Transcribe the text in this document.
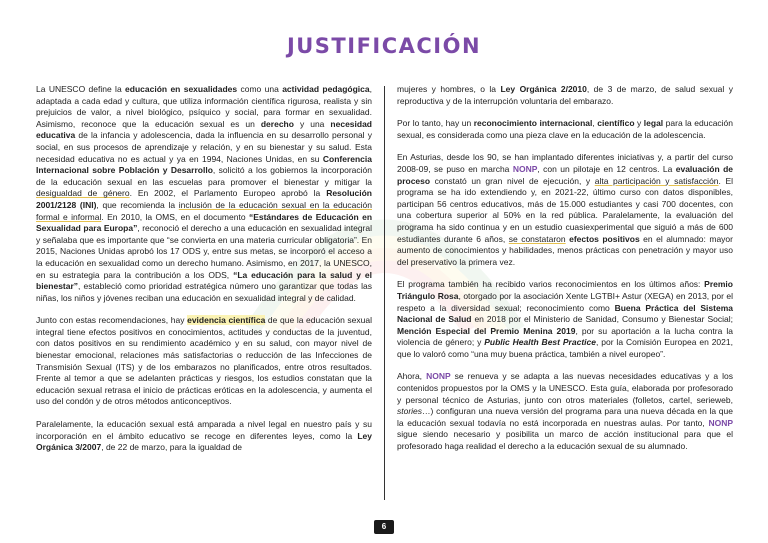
JUSTIFICACIÓN

La UNESCO define la educación en sexualidades como una actividad pedagógica, adaptada a cada edad y cultura, que utiliza información científica rigurosa, realista y sin prejuicios de valor, a nivel biológico, psíquico y social, para formar en sexualidad. Asimismo, reconoce que la educación sexual es un derecho y una necesidad educativa de la infancia y adolescencia, dada la influencia en su desarrollo personal y social, en sus procesos de aprendizaje y relación, y en su bienestar y su salud. Esta necesidad educativa no es actual y ya en 1994, Naciones Unidas, en su Conferencia Internacional sobre Población y Desarrollo, solicitó a los gobiernos la incorporación de la educación sexual en las escuelas para promover el bienestar y mitigar la desigualdad de género. En 2002, el Parlamento Europeo aprobó la Resolución 2001/2128 (INI), que recomienda la inclusión de la educación sexual en la educación formal e informal. En 2010, la OMS, en el documento “Estándares de Educación en Sexualidad para Europa”, reconoció el derecho a una educación en sexualidad integral y señalaba que es importante que “se convierta en una materia curricular obligatoria”. En 2015, Naciones Unidas aprobó los 17 ODS y, entre sus metas, se incorporó el acceso a la educación en sexualidad como un derecho humano. Asimismo, en 2017, la UNESCO, en su estrategia para la contribución a los ODS, “La educación para la salud y el bienestar”, estableció como prioridad estratégica número uno garantizar que todas las niñas, los niños y jóvenes reciban una educación en sexualidad integral y de calidad.

Junto con estas recomendaciones, hay evidencia científica de que la educación sexual integral tiene efectos positivos en conocimientos, actitudes y conductas de la juventud, con datos positivos en su rendimiento académico y en su salud, con mayor nivel de bienestar emocional, relaciones más satisfactorias o reducción de las Infecciones de Transmisión Sexual (ITS) y de los embarazos no planificados, entre otros resultados. Frente al temor a que se adelanten prácticas y riesgos, los estudios constatan que la educación sexual retrasa el inicio de prácticas eróticas en la adolescencia, y aumenta el uso del condón y de otros métodos anticonceptivos.

Paralelamente, la educación sexual está amparada a nivel legal en nuestro país y su incorporación en el ámbito educativo se recoge en diferentes leyes, como la Ley Orgánica 3/2007, de 22 de marzo, para la igualdad de

mujeres y hombres, o la Ley Orgánica 2/2010, de 3 de marzo, de salud sexual y reproductiva y de la interrupción voluntaria del embarazo.

Por lo tanto, hay un reconocimiento internacional, científico y legal para la educación sexual, es considerada como una pieza clave en la educación de la adolescencia.

En Asturias, desde los 90, se han implantado diferentes iniciativas y, a partir del curso 2008-09, se puso en marcha NONP, con un pilotaje en 12 centros. La evaluación de proceso constató un gran nivel de ejecución, y alta participación y satisfacción. El programa se ha ido extendiendo y, en 2021-22, último curso con datos disponibles, participan 56 centros educativos, más de 15.000 estudiantes y casi 700 docentes, con una cobertura superior al 50% en la red pública. Paralelamente, la evaluación del programa ha sido continua y en un estudio cuasiexperimental que siguió a más de 600 estudiantes durante 6 años, se constataron efectos positivos en el alumnado: mayor aumento de conocimientos y habilidades, menos prácticas con penetración y mayor uso del preservativo la primera vez.

El programa también ha recibido varios reconocimientos en los últimos años: Premio Triángulo Rosa, otorgado por la asociación Xente LGTBI+ Astur (XEGA) en 2013, por el respeto a la diversidad sexual; reconocimiento como Buena Práctica del Sistema Nacional de Salud en 2018 por el Ministerio de Sanidad, Consumo y Bienestar Social; Mención Especial del Premio Menina 2019, por su aportación a la lucha contra la violencia de género; y Public Health Best Practice, por la Comisión Europea en 2021, que lo valoró como “una muy buena práctica, también a nivel europeo”.

Ahora, NONP se renueva y se adapta a las nuevas necesidades educativas y a los contenidos propuestos por la OMS y la UNESCO. Esta guía, elaborada por profesorado y personal técnico de Asturias, junto con otros materiales (folletos, cartel, serieweb, stories…) configuran una nueva versión del programa para una nueva década en la que la educación sexual todavía no está incorporada en nuestras aulas. Por tanto, NONP sigue siendo necesario y posibilita un marco de acción institucional para que el profesorado haga realidad el derecho a la educación sexual de su alumnado.

6
